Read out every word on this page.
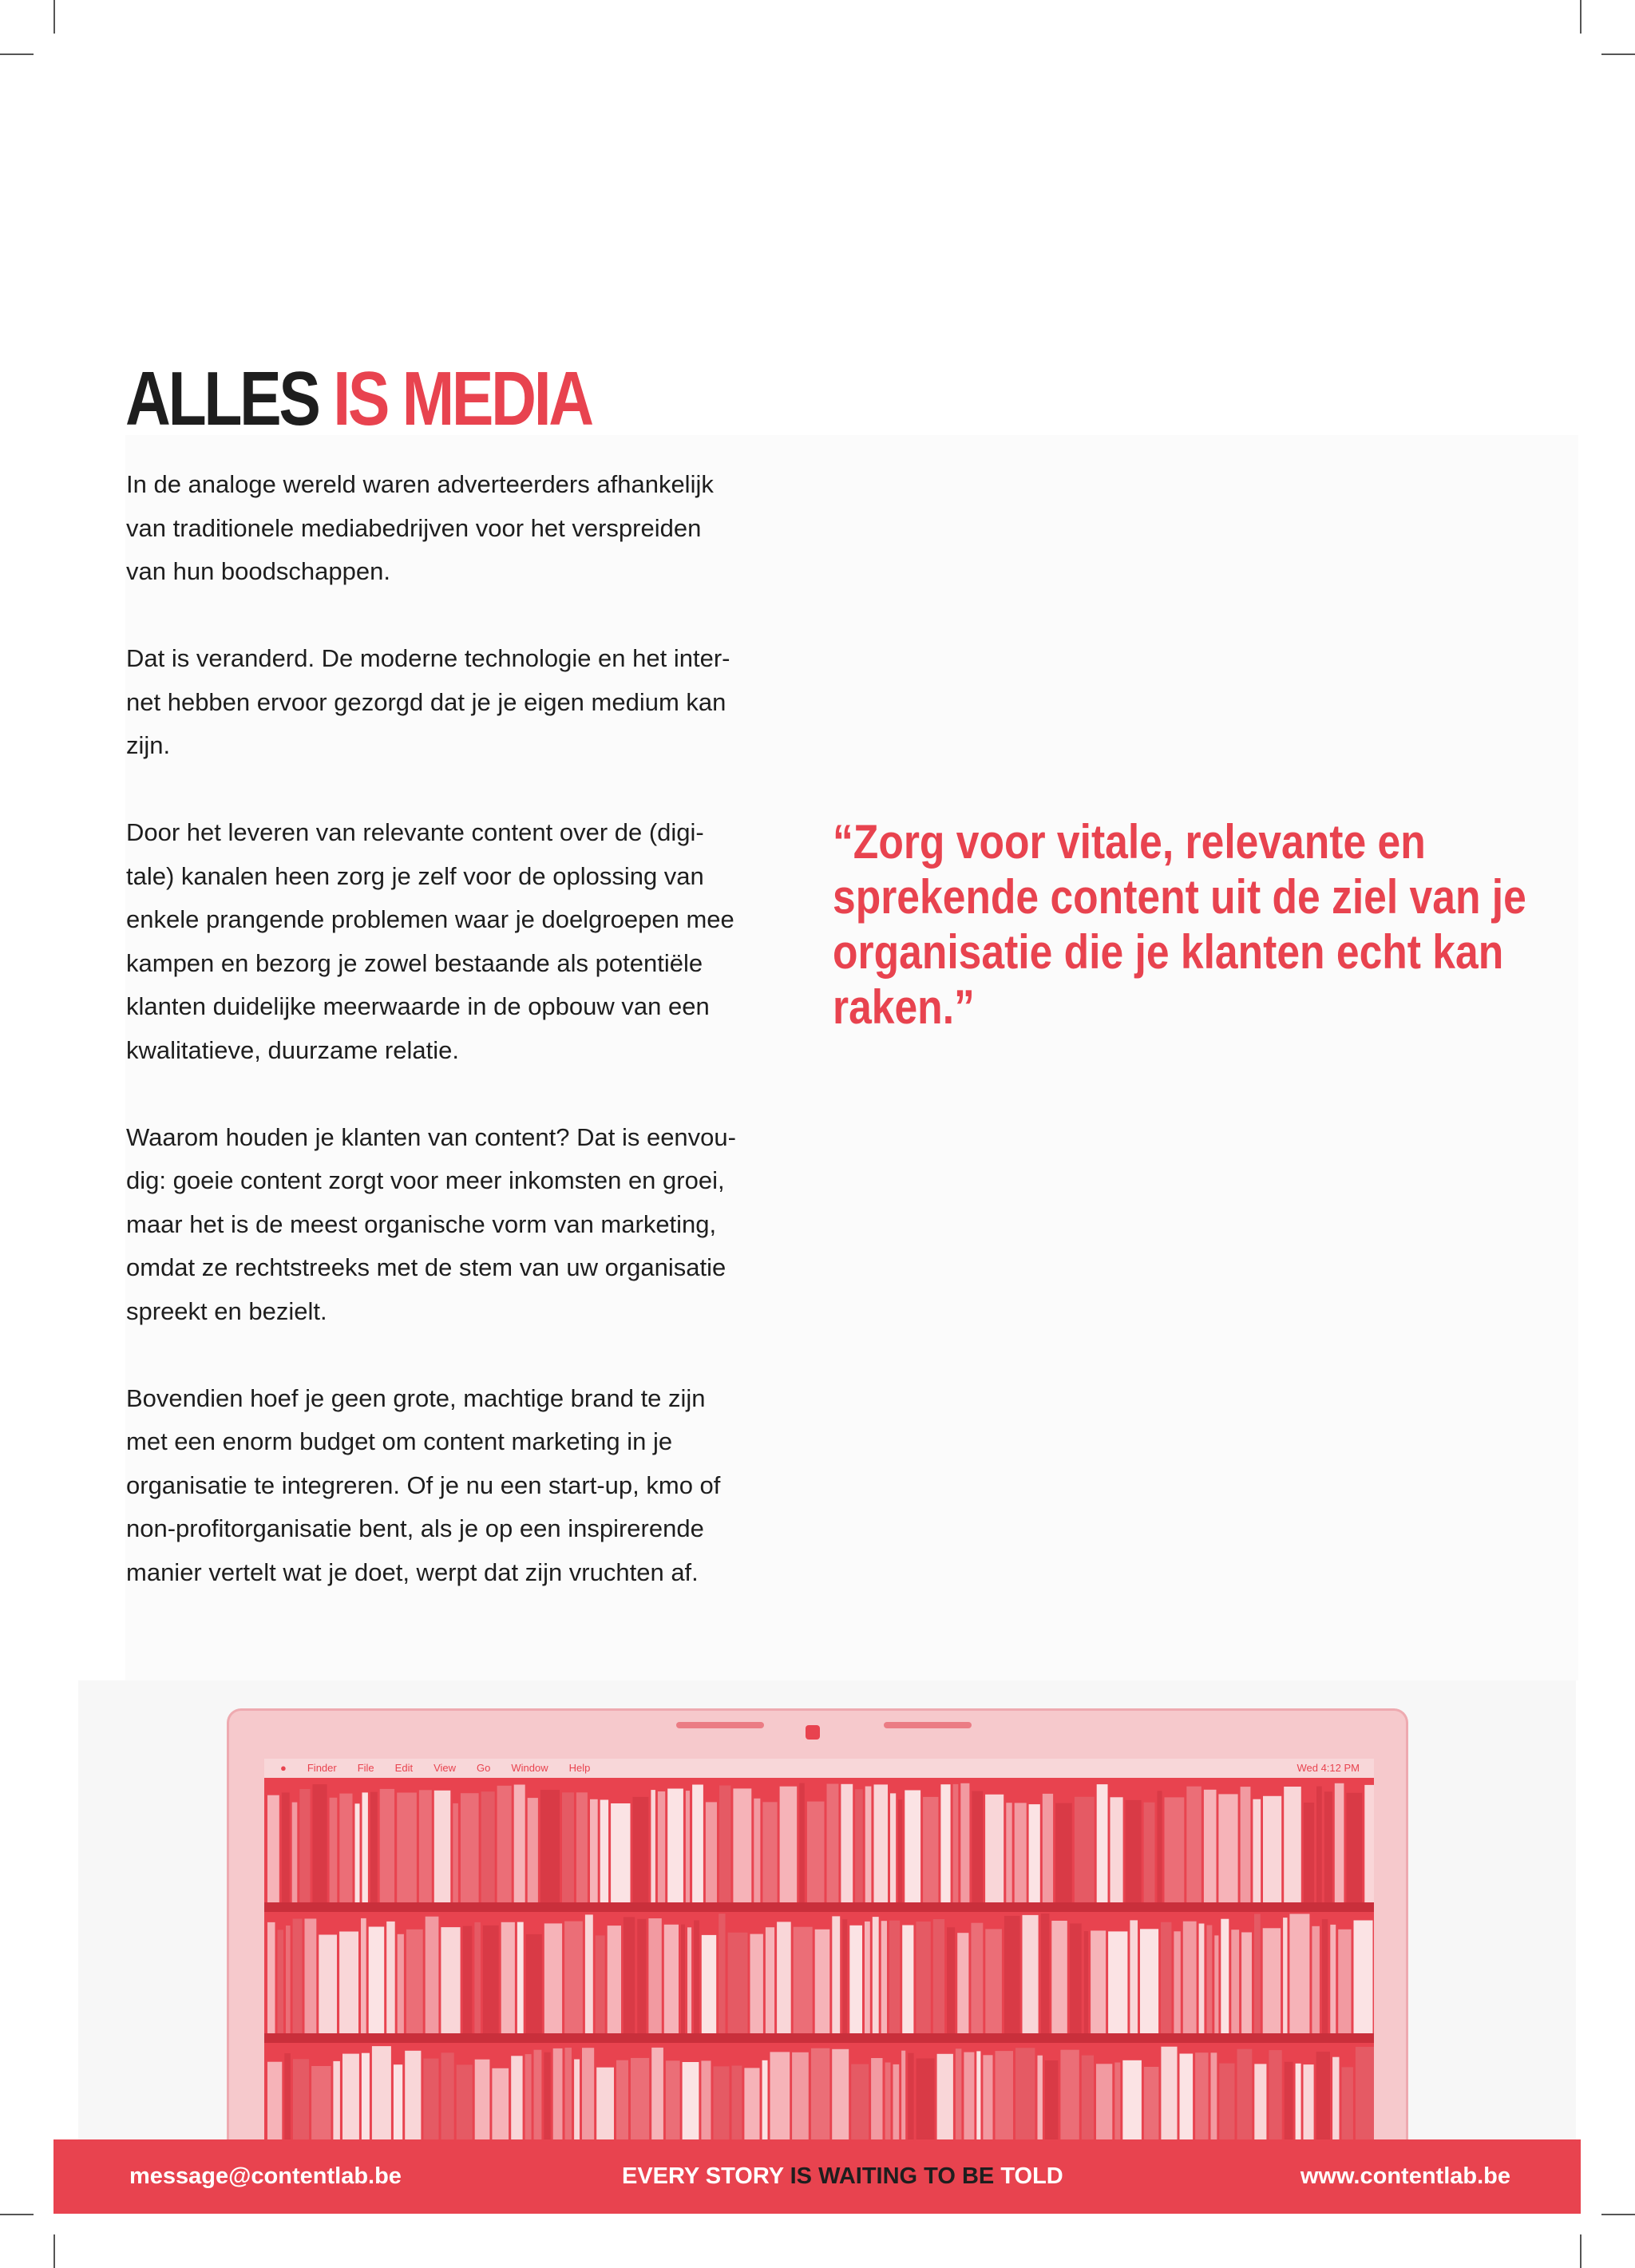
ALLES IS MEDIA

In de analoge wereld waren adverteerders afhankelijk
van traditionele mediabedrijven voor het verspreiden
van hun boodschappen.

Dat is veranderd. De moderne technologie en het inter-
net hebben ervoor gezorgd dat je je eigen medium kan
zijn.

Door het leveren van relevante content over de (digi-
tale) kanalen heen zorg je zelf voor de oplossing van
enkele prangende problemen waar je doelgroepen mee
kampen en bezorg je zowel bestaande als potentiële
klanten duidelijke meerwaarde in de opbouw van een
kwalitatieve, duurzame relatie.

Waarom houden je klanten van content? Dat is eenvou-
dig: goeie content zorgt voor meer inkomsten en groei,
maar het is de meest organische vorm van marketing,
omdat ze rechtstreeks met de stem van uw organisatie
spreekt en bezielt.

Bovendien hoef je geen grote, machtige brand te zijn
met een enorm budget om content marketing in je
organisatie te integreren. Of je nu een start-up, kmo of
non-profitorganisatie bent, als je op een inspirerende
manier vertelt wat je doet, werpt dat zijn vruchten af.

“Zorg voor vitale, relevante en
sprekende content uit de ziel van je
organisatie die je klanten echt kan
raken.”
● Finder File Edit View Go Window Help	Wed 4:12 PM
message@contentlab.be	EVERY STORY IS WAITING TO BE TOLD	www.contentlab.be
